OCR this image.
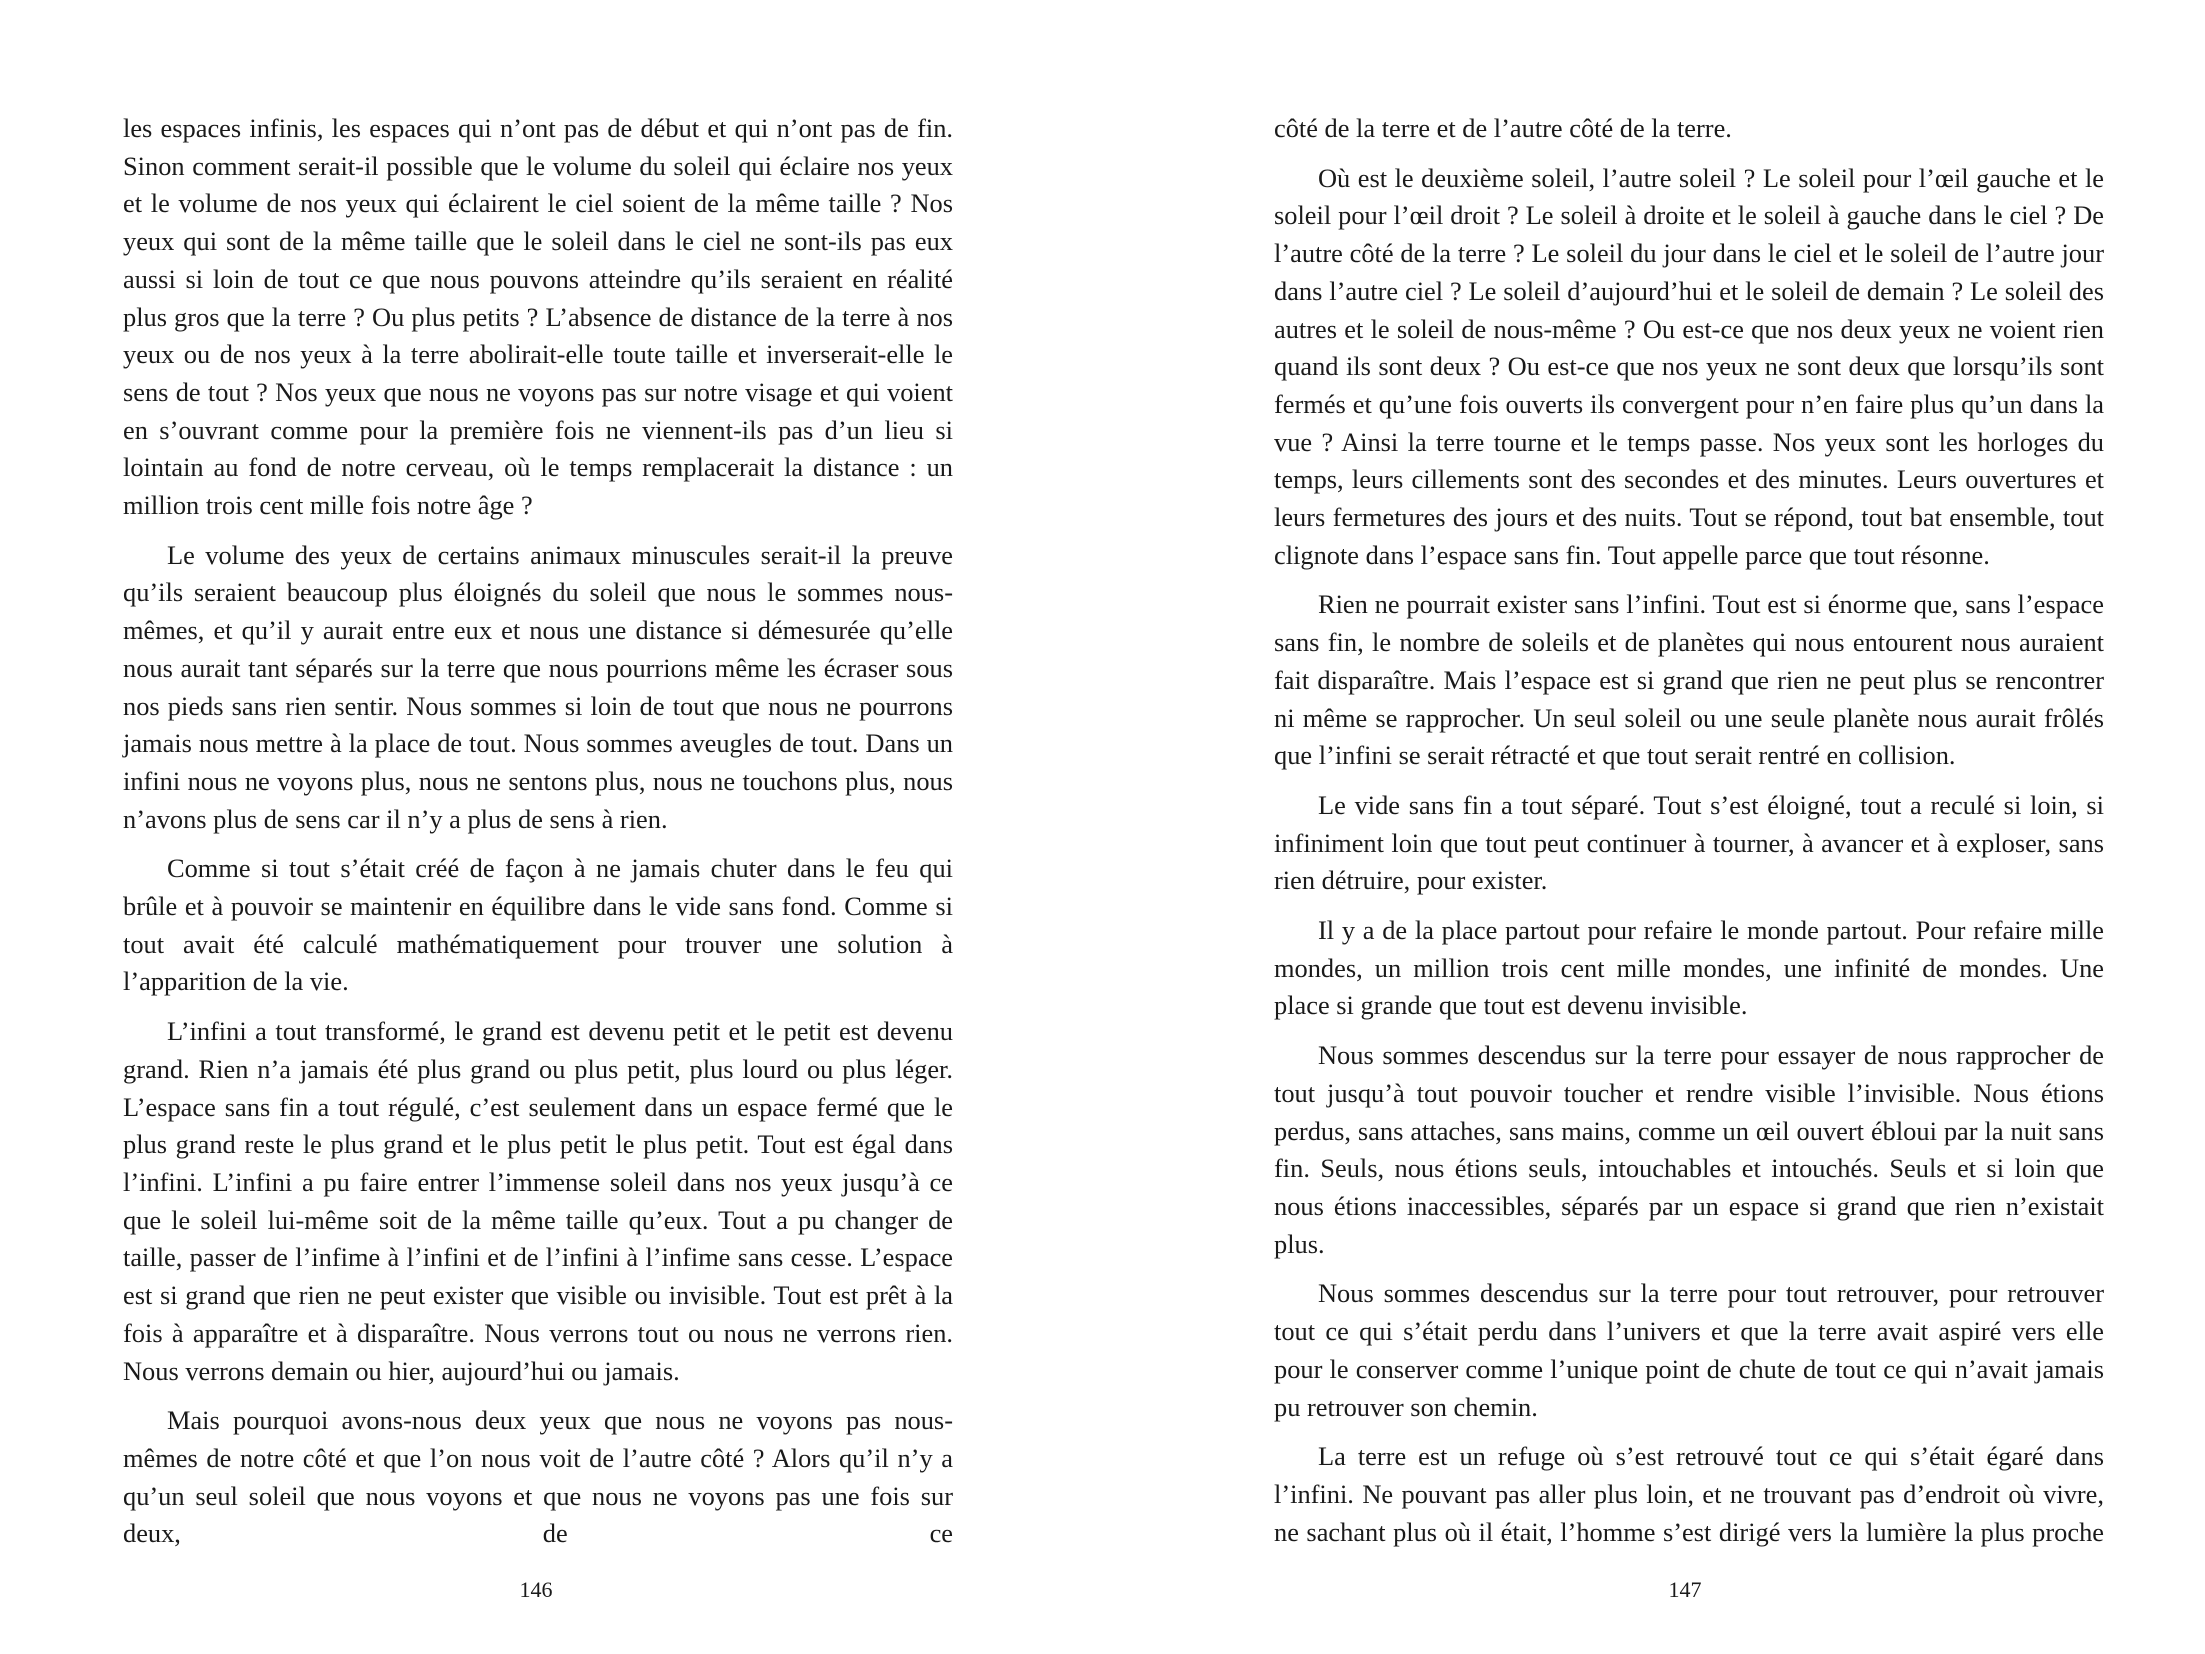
les espaces infinis, les espaces qui n’ont pas de début et qui n’ont pas de fin. Sinon comment serait-il possible que le volume du soleil qui éclaire nos yeux et le volume de nos yeux qui éclairent le ciel soient de la même taille ? Nos yeux qui sont de la même taille que le soleil dans le ciel ne sont-ils pas eux aussi si loin de tout ce que nous pouvons atteindre qu’ils seraient en réalité plus gros que la terre ? Ou plus petits ? L’absence de distance de la terre à nos yeux ou de nos yeux à la terre abolirait-elle toute taille et inverserait-elle le sens de tout ? Nos yeux que nous ne voyons pas sur notre visage et qui voient en s’ouvrant comme pour la première fois ne viennent-ils pas d’un lieu si lointain au fond de notre cerveau, où le temps remplacerait la distance : un million trois cent mille fois notre âge ?

Le volume des yeux de certains animaux minuscules serait-il la preuve qu’ils seraient beaucoup plus éloignés du soleil que nous le sommes nous-mêmes, et qu’il y aurait entre eux et nous une distance si démesurée qu’elle nous aurait tant séparés sur la terre que nous pourrions même les écraser sous nos pieds sans rien sentir. Nous sommes si loin de tout que nous ne pourrons jamais nous mettre à la place de tout. Nous sommes aveugles de tout. Dans un infini nous ne voyons plus, nous ne sentons plus, nous ne touchons plus, nous n’avons plus de sens car il n’y a plus de sens à rien.

Comme si tout s’était créé de façon à ne jamais chuter dans le feu qui brûle et à pouvoir se maintenir en équilibre dans le vide sans fond. Comme si tout avait été calculé mathématiquement pour trouver une solution à l’apparition de la vie.

L’infini a tout transformé, le grand est devenu petit et le petit est devenu grand. Rien n’a jamais été plus grand ou plus petit, plus lourd ou plus léger. L’espace sans fin a tout régulé, c’est seulement dans un espace fermé que le plus grand reste le plus grand et le plus petit le plus petit. Tout est égal dans l’infini. L’infini a pu faire entrer l’immense soleil dans nos yeux jusqu’à ce que le soleil lui-même soit de la même taille qu’eux. Tout a pu changer de taille, passer de l’infime à l’infini et de l’infini à l’infime sans cesse. L’espace est si grand que rien ne peut exister que visible ou invisible. Tout est prêt à la fois à apparaître et à disparaître. Nous verrons tout ou nous ne verrons rien. Nous verrons demain ou hier, aujourd’hui ou jamais.

Mais pourquoi avons-nous deux yeux que nous ne voyons pas nous-mêmes de notre côté et que l’on nous voit de l’autre côté ? Alors qu’il n’y a qu’un seul soleil que nous voyons et que nous ne voyons pas une fois sur deux, de ce

côté de la terre et de l’autre côté de la terre.

Où est le deuxième soleil, l’autre soleil ? Le soleil pour l’œil gauche et le soleil pour l’œil droit ? Le soleil à droite et le soleil à gauche dans le ciel ? De l’autre côté de la terre ? Le soleil du jour dans le ciel et le soleil de l’autre jour dans l’autre ciel ? Le soleil d’aujourd’hui et le soleil de demain ? Le soleil des autres et le soleil de nous-même ? Ou est-ce que nos deux yeux ne voient rien quand ils sont deux ? Ou est-ce que nos yeux ne sont deux que lorsqu’ils sont fermés et qu’une fois ouverts ils convergent pour n’en faire plus qu’un dans la vue ? Ainsi la terre tourne et le temps passe. Nos yeux sont les horloges du temps, leurs cillements sont des secondes et des minutes. Leurs ouvertures et leurs fermetures des jours et des nuits. Tout se répond, tout bat ensemble, tout clignote dans l’espace sans fin. Tout appelle parce que tout résonne.

Rien ne pourrait exister sans l’infini. Tout est si énorme que, sans l’espace sans fin, le nombre de soleils et de planètes qui nous entourent nous auraient fait disparaître. Mais l’espace est si grand que rien ne peut plus se rencontrer ni même se rapprocher. Un seul soleil ou une seule planète nous aurait frôlés que l’infini se serait rétracté et que tout serait rentré en collision.

Le vide sans fin a tout séparé. Tout s’est éloigné, tout a reculé si loin, si infiniment loin que tout peut continuer à tourner, à avancer et à exploser, sans rien détruire, pour exister.

Il y a de la place partout pour refaire le monde partout. Pour refaire mille mondes, un million trois cent mille mondes, une infinité de mondes. Une place si grande que tout est devenu invisible.

Nous sommes descendus sur la terre pour essayer de nous rapprocher de tout jusqu’à tout pouvoir toucher et rendre visible l’invisible. Nous étions perdus, sans attaches, sans mains, comme un œil ouvert ébloui par la nuit sans fin. Seuls, nous étions seuls, intouchables et intouchés. Seuls et si loin que nous étions inaccessibles, séparés par un espace si grand que rien n’existait plus.

Nous sommes descendus sur la terre pour tout retrouver, pour retrouver tout ce qui s’était perdu dans l’univers et que la terre avait aspiré vers elle pour le conserver comme l’unique point de chute de tout ce qui n’avait jamais pu retrouver son chemin.

La terre est un refuge où s’est retrouvé tout ce qui s’était égaré dans l’infini. Ne pouvant pas aller plus loin, et ne trouvant pas d’endroit où vivre, ne sachant plus où il était, l’homme s’est dirigé vers la lumière la plus proche

146	147
